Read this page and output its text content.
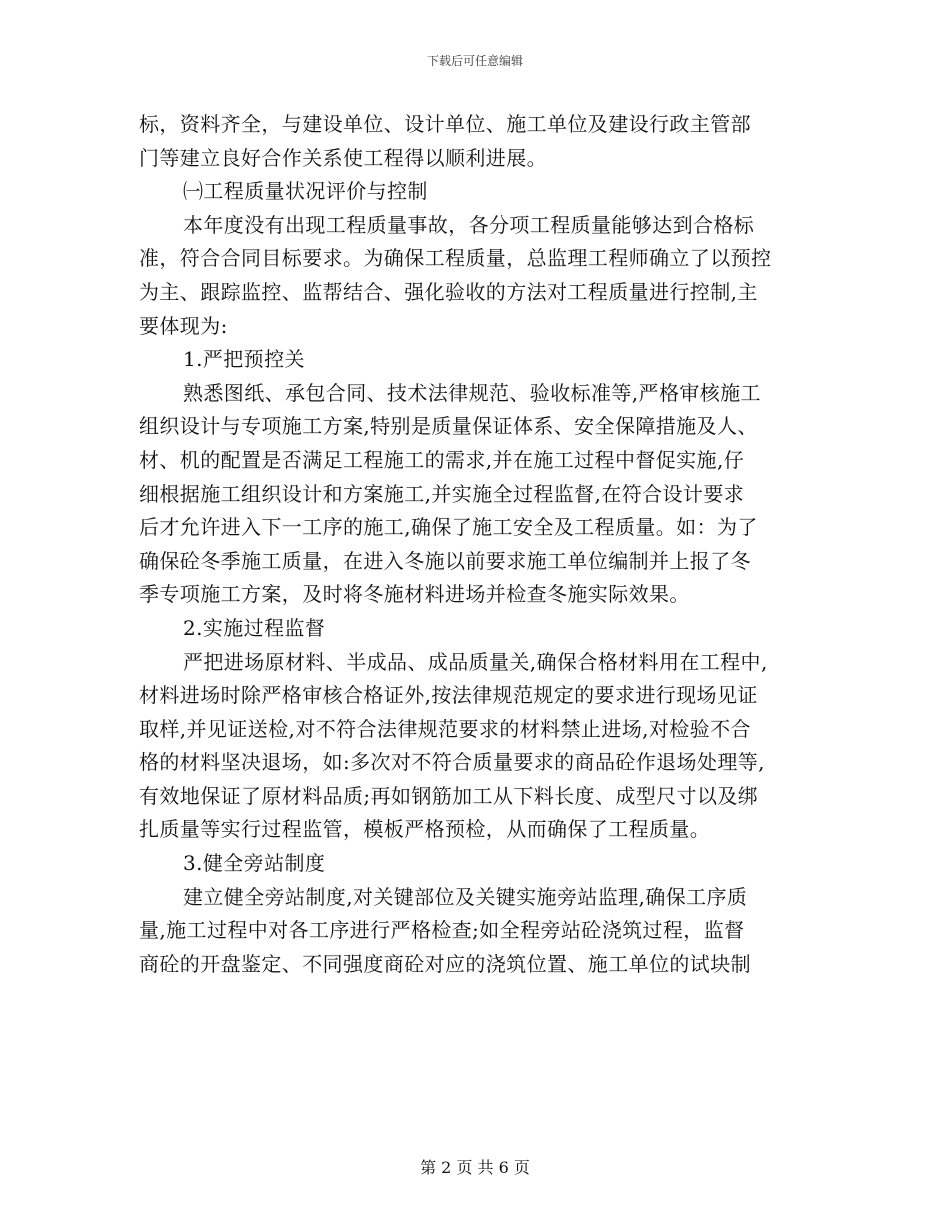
下载后可任意编辑
标，资料齐全，与建设单位、设计单位、施工单位及建设行政主管部
门等建立良好合作关系使工程得以顺利进展。
㈠工程质量状况评价与控制
本年度没有出现工程质量事故，各分项工程质量能够达到合格标
准，符合合同目标要求。为确保工程质量，总监理工程师确立了以预控
为主、跟踪监控、监帮结合、强化验收的方法对工程质量进行控制,主
要体现为:
1.严把预控关
熟悉图纸、承包合同、技术法律规范、验收标准等,严格审核施工
组织设计与专项施工方案,特别是质量保证体系、安全保障措施及人、
材、机的配置是否满足工程施工的需求,并在施工过程中督促实施,仔
细根据施工组织设计和方案施工,并实施全过程监督,在符合设计要求
后才允许进入下一工序的施工,确保了施工安全及工程质量。如：为了
确保砼冬季施工质量，在进入冬施以前要求施工单位编制并上报了冬
季专项施工方案，及时将冬施材料进场并检查冬施实际效果。
2.实施过程监督
严把进场原材料、半成品、成品质量关,确保合格材料用在工程中,
材料进场时除严格审核合格证外,按法律规范规定的要求进行现场见证
取样,并见证送检,对不符合法律规范要求的材料禁止进场,对检验不合
格的材料坚决退场，如:多次对不符合质量要求的商品砼作退场处理等,
有效地保证了原材料品质;再如钢筋加工从下料长度、成型尺寸以及绑
扎质量等实行过程监管，模板严格预检，从而确保了工程质量。
3.健全旁站制度
建立健全旁站制度,对关键部位及关键实施旁站监理,确保工序质
量,施工过程中对各工序进行严格检查;如全程旁站砼浇筑过程，监督
商砼的开盘鉴定、不同强度商砼对应的浇筑位置、施工单位的试块制
第 2 页 共 6 页
